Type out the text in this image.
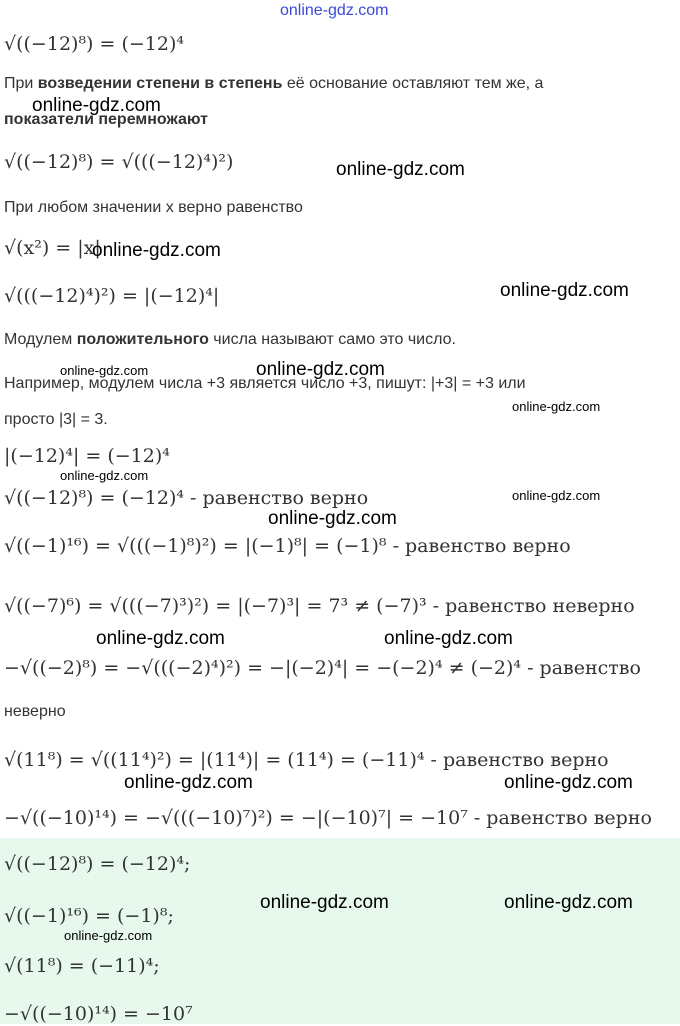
online-gdz.com
√((−12)⁸) = (−12)⁴
При возведении степени в степень её основание оставляют тем же, а
показатели перемножают
√((−12)⁸) = √(((−12)⁴)²)
При любом значении x верно равенство
√(x²) = |x|
√(((−12)⁴)²) = |(−12)⁴|
Модулем положительного числа называют само это число.
Например, модулем числа +3 является число +3, пишут: |+3| = +3 или
просто |3| = 3.
|(−12)⁴| = (−12)⁴
√((−12)⁸) = (−12)⁴ - равенство верно
√((−1)¹⁶) = √(((−1)⁸)²) = |(−1)⁸| = (−1)⁸ - равенство верно
√((−7)⁶) = √(((−7)³)²) = |(−7)³| = 7³ ≠ (−7)³ - равенство неверно
−√((−2)⁸) = −√(((−2)⁴)²) = −|(−2)⁴| = −(−2)⁴ ≠ (−2)⁴ - равенство
неверно
√(11⁸) = √((11⁴)²) = |(11⁴)| = (11⁴) = (−11)⁴ - равенство верно
−√((−10)¹⁴) = −√(((−10)⁷)²) = −|(−10)⁷| = −10⁷ - равенство верно
√((−12)⁸) = (−12)⁴;
√((−1)¹⁶) = (−1)⁸;
√(11⁸) = (−11)⁴;
−√((−10)¹⁴) = −10⁷
online-gdz.com
online-gdz.com
online-gdz.com
online-gdz.com
online-gdz.com	online-gdz.com
online-gdz.com
online-gdz.com
online-gdz.com
online-gdz.com
online-gdz.com	online-gdz.com
online-gdz.com	online-gdz.com
online-gdz.com	online-gdz.com
online-gdz.com
